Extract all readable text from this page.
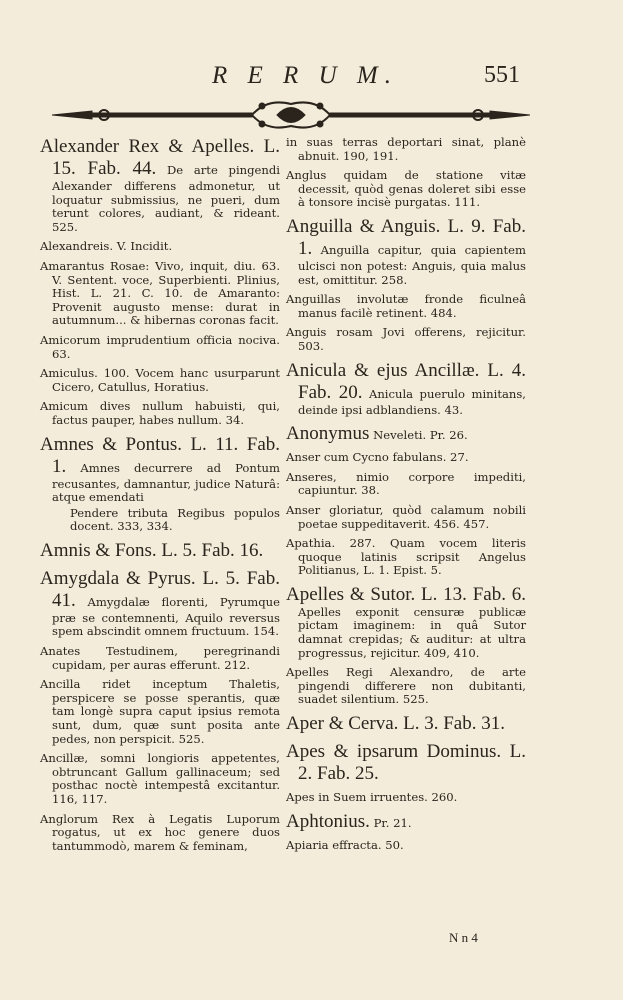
R E R U M.	551
Alexander Rex & Apelles. L. 15. Fab. 44. De arte pingendi Alexander differens admonetur, ut loquatur submissius, ne pueri, dum terunt colores, audiant, & rideant. 525.
Alexandreis. V. Incidit.
Amarantus Rosae: Vivo, inquit, diu. 63. V. Sentent. voce, Superbienti. Plinius, Hist. L. 21. C. 10. de Amaranto: Provenit augusto mense: durat in autumnum... & hibernas coronas facit.
Amicorum imprudentium officia nociva. 63.
Amiculus. 100. Vocem hanc usurparunt Cicero, Catullus, Horatius.
Amicum dives nullum habuisti, qui, factus pauper, habes nullum. 34.
Amnes & Pontus. L. 11. Fab. 1. Amnes decurrere ad Pontum recusantes, damnantur, judice Naturâ: atque emendati
Pendere tributa Regibus populos docent. 333, 334.
Amnis & Fons. L. 5. Fab. 16.
Amygdala & Pyrus. L. 5. Fab. 41. Amygdalæ florenti, Pyrumque præ se contemnenti, Aquilo reversus spem abscindit omnem fructuum. 154.
Anates Testudinem, peregrinandi cupidam, per auras efferunt. 212.
Ancilla ridet inceptum Thaletis, perspicere se posse sperantis, quæ tam longè supra caput ipsius remota sunt, dum, quæ sunt posita ante pedes, non perspicit. 525.
Ancillæ, somni longioris appetentes, obtruncant Gallum gallinaceum; sed posthac noctè intempestâ excitantur. 116, 117.
Anglorum Rex à Legatis Luporum rogatus, ut ex hoc genere duos tantummodò, marem & feminam,
in suas terras deportari sinat, planè abnuit. 190, 191.
Anglus quidam de statione vitæ decessit, quòd genas doleret sibi esse à tonsore incisè purgatas. 111.
Anguilla & Anguis. L. 9. Fab. 1. Anguilla capitur, quia capientem ulcisci non potest: Anguis, quia malus est, omittitur. 258.
Anguillas involutæ fronde ficulneâ manus facilè retinent. 484.
Anguis rosam Jovi offerens, rejicitur. 503.
Anicula & ejus Ancillæ. L. 4. Fab. 20. Anicula puerulo minitans, deinde ipsi adblandiens. 43.
Anonymus Neveleti. Pr. 26.
Anser cum Cycno fabulans. 27.
Anseres, nimio corpore impediti, capiuntur. 38.
Anser gloriatur, quòd calamum nobili poetae suppeditaverit. 456. 457.
Apathia. 287. Quam vocem literis quoque latinis scripsit Angelus Politianus, L. 1. Epist. 5.
Apelles & Sutor. L. 13. Fab. 6. Apelles exponit censuræ publicæ pictam imaginem: in quâ Sutor damnat crepidas; & auditur: at ultra progressus, rejicitur. 409, 410.
Apelles Regi Alexandro, de arte pingendi differere non dubitanti, suadet silentium. 525.
Aper & Cerva. L. 3. Fab. 31.
Apes & ipsarum Dominus. L. 2. Fab. 25.
Apes in Suem irruentes. 260.
Aphtonius. Pr. 21.
Apiaria effracta. 50.
N n 4
